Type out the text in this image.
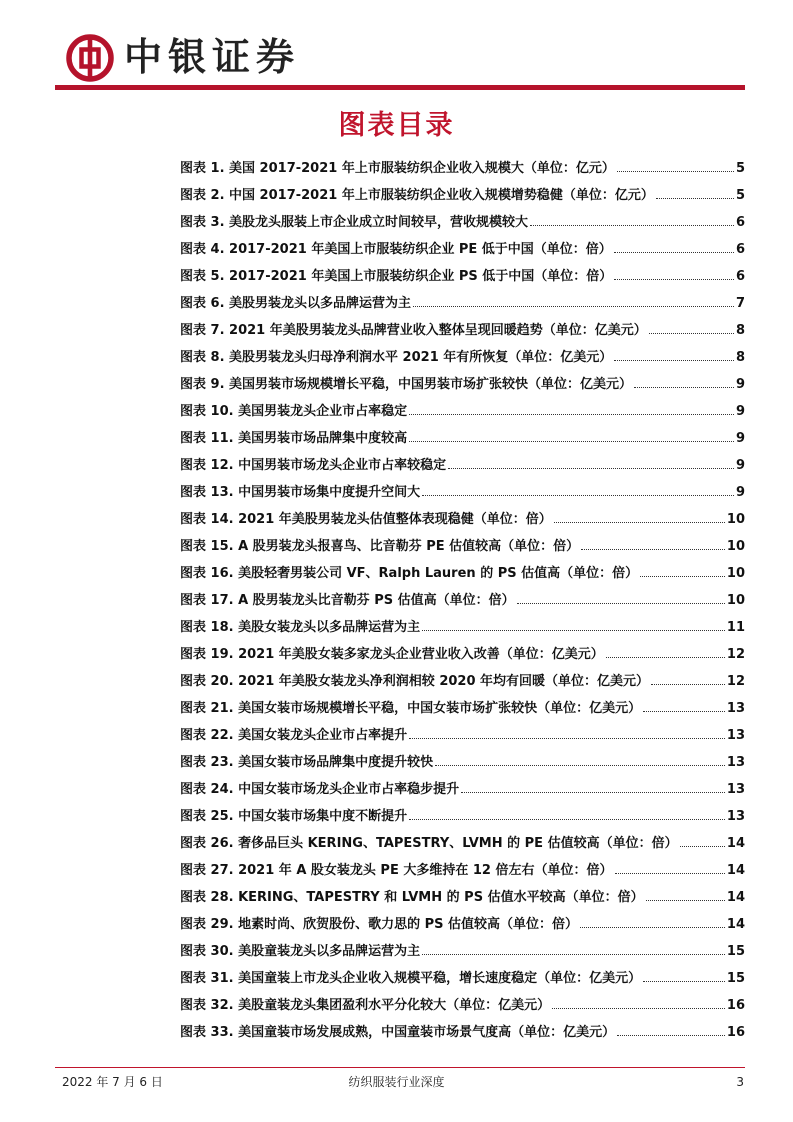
中银证券
图表目录
图表 1. 美国 2017-2021 年上市服装纺织企业收入规模大（单位：亿元）	5
图表 2. 中国 2017-2021 年上市服装纺织企业收入规模增势稳健（单位：亿元）	5
图表 3. 美股龙头服装上市企业成立时间较早，营收规模较大	6
图表 4. 2017-2021 年美国上市服装纺织企业 PE 低于中国（单位：倍）	6
图表 5. 2017-2021 年美国上市服装纺织企业 PS 低于中国（单位：倍）	6
图表 6. 美股男装龙头以多品牌运营为主	7
图表 7. 2021 年美股男装龙头品牌营业收入整体呈现回暖趋势（单位：亿美元）	8
图表 8. 美股男装龙头归母净利润水平 2021 年有所恢复（单位：亿美元）	8
图表 9. 美国男装市场规模增长平稳，中国男装市场扩张较快（单位：亿美元）	9
图表 10. 美国男装龙头企业市占率稳定	9
图表 11. 美国男装市场品牌集中度较高	9
图表 12. 中国男装市场龙头企业市占率较稳定	9
图表 13. 中国男装市场集中度提升空间大	9
图表 14. 2021 年美股男装龙头估值整体表现稳健（单位：倍）	10
图表 15. A 股男装龙头报喜鸟、比音勒芬 PE 估值较高（单位：倍）	10
图表 16. 美股轻奢男装公司 VF、Ralph Lauren 的 PS 估值高（单位：倍）	10
图表 17. A 股男装龙头比音勒芬 PS 估值高（单位：倍）	10
图表 18. 美股女装龙头以多品牌运营为主	11
图表 19. 2021 年美股女装多家龙头企业营业收入改善（单位：亿美元）	12
图表 20. 2021 年美股女装龙头净利润相较 2020 年均有回暖（单位：亿美元）	12
图表 21. 美国女装市场规模增长平稳，中国女装市场扩张较快（单位：亿美元）	13
图表 22. 美国女装龙头企业市占率提升	13
图表 23. 美国女装市场品牌集中度提升较快	13
图表 24. 中国女装市场龙头企业市占率稳步提升	13
图表 25. 中国女装市场集中度不断提升	13
图表 26. 奢侈品巨头 KERING、TAPESTRY、LVMH 的 PE 估值较高（单位：倍）	14
图表 27. 2021 年 A 股女装龙头 PE 大多维持在 12 倍左右（单位：倍）	14
图表 28. KERING、TAPESTRY 和 LVMH 的 PS 估值水平较高（单位：倍）	14
图表 29. 地素时尚、欣贺股份、歌力思的 PS 估值较高（单位：倍）	14
图表 30. 美股童装龙头以多品牌运营为主	15
图表 31. 美国童装上市龙头企业收入规模平稳，增长速度稳定（单位：亿美元）	15
图表 32. 美股童装龙头集团盈利水平分化较大（单位：亿美元）	16
图表 33. 美国童装市场发展成熟，中国童装市场景气度高（单位：亿美元）	16
2022 年 7 月 6 日	纺织服装行业深度	3
